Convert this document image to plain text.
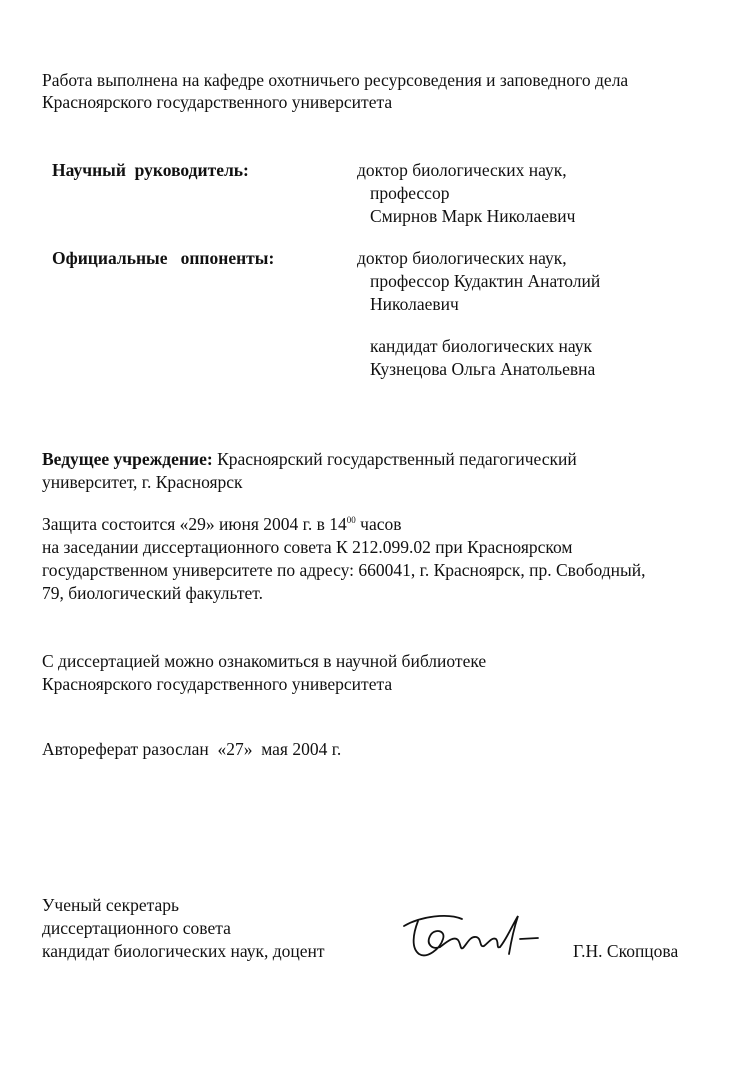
Работа выполнена на кафедре охотничьего ресурсоведения и заповедного дела
Красноярского государственного университета
Научный  руководитель:	доктор биологических наук,
профессор
Смирнов Марк Николаевич
Официальные   оппоненты:	доктор биологических наук,
профессор Кудактин Анатолий
Николаевич
кандидат биологических наук
Кузнецова Ольга Анатольевна
Ведущее учреждение: Красноярский государственный педагогический
университет, г. Красноярск
Защита состоится «29» июня 2004 г. в $14^{00}$ часов
на заседании диссертационного совета К 212.099.02 при Красноярском
государственном университете по адресу: 660041, г. Красноярск, пр. Свободный,
79, биологический факультет.
С диссертацией можно ознакомиться в научной библиотеке
Красноярского государственного университета
Автореферат разослан  «27»  мая 2004 г.
Ученый секретарь
диссертационного совета
кандидат биологических наук, доцент	Г.Н. Скопцова
